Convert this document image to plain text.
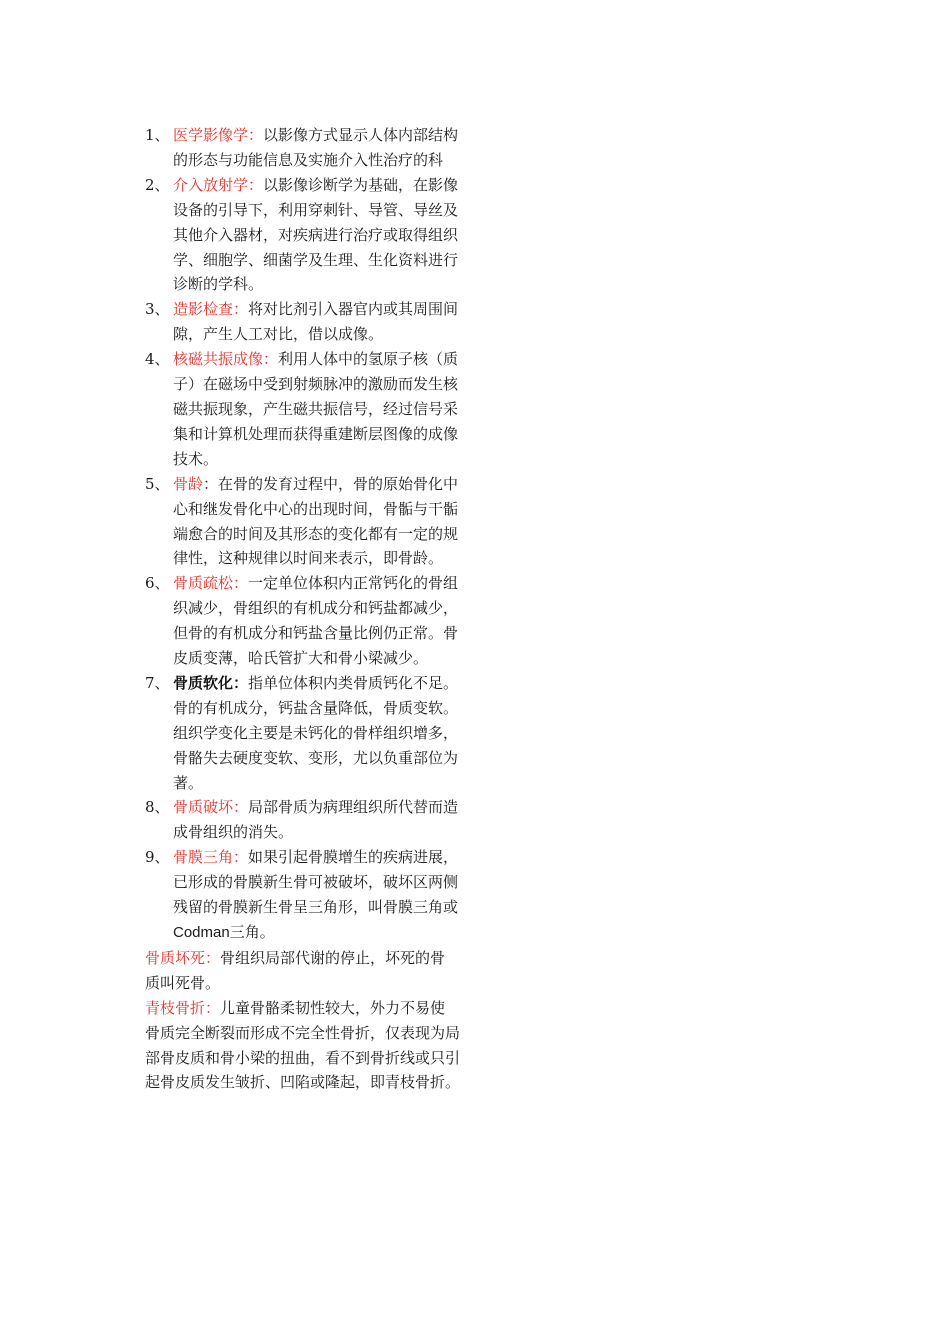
1、 医学影像学：以影像方式显示人体内部结构的形态与功能信息及实施介入性治疗的科

2、 介入放射学：以影像诊断学为基础，在影像设备的引导下，利用穿刺针、导管、导丝及其他介入器材，对疾病进行治疗或取得组织学、细胞学、细菌学及生理、生化资料进行诊断的学科。

3、 造影检查：将对比剂引入器官内或其周围间隙，产生人工对比，借以成像。

4、 核磁共振成像：利用人体中的氢原子核（质子）在磁场中受到射频脉冲的激励而发生核磁共振现象，产生磁共振信号，经过信号采集和计算机处理而获得重建断层图像的成像技术。

5、 骨龄：在骨的发育过程中，骨的原始骨化中心和继发骨化中心的出现时间，骨骺与干骺端愈合的时间及其形态的变化都有一定的规律性，这种规律以时间来表示，即骨龄。

6、 骨质疏松：一定单位体积内正常钙化的骨组织减少，骨组织的有机成分和钙盐都减少，但骨的有机成分和钙盐含量比例仍正常。骨皮质变薄，哈氏管扩大和骨小梁减少。

7、 骨质软化：指单位体积内类骨质钙化不足。骨的有机成分，钙盐含量降低，骨质变软。组织学变化主要是未钙化的骨样组织增多，骨骼失去硬度变软、变形，尤以负重部位为著。

8、 骨质破坏：局部骨质为病理组织所代替而造成骨组织的消失。

9、 骨膜三角：如果引起骨膜增生的疾病进展，已形成的骨膜新生骨可被破坏，破坏区两侧残留的骨膜新生骨呈三角形，叫骨膜三角或Codman三角。

骨质坏死：骨组织局部代谢的停止，坏死的骨质叫死骨。

青枝骨折：儿童骨骼柔韧性较大，外力不易使骨质完全断裂而形成不完全性骨折，仅表现为局部骨皮质和骨小梁的扭曲，看不到骨折线或只引起骨皮质发生皱折、凹陷或隆起，即青枝骨折。
